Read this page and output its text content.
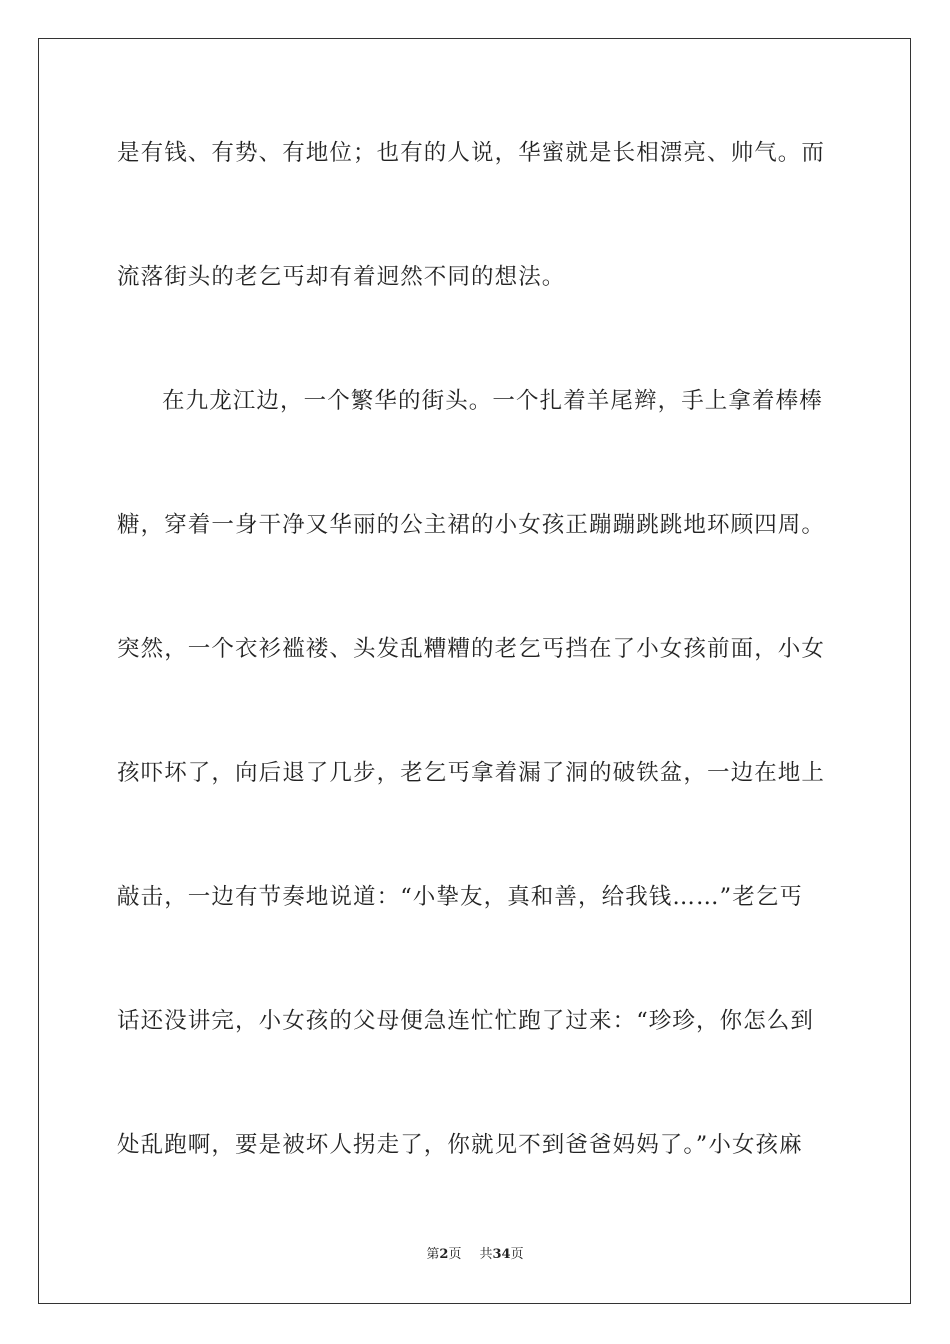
是有钱、有势、有地位；也有的人说，华蜜就是长相漂亮、帅气。而
流落街头的老乞丐却有着迥然不同的想法。
在九龙江边，一个繁华的街头。一个扎着羊尾辫，手上拿着棒棒
糖，穿着一身干净又华丽的公主裙的小女孩正蹦蹦跳跳地环顾四周。
突然，一个衣衫褴褛、头发乱糟糟的老乞丐挡在了小女孩前面，小女
孩吓坏了，向后退了几步，老乞丐拿着漏了洞的破铁盆，一边在地上
敲击，一边有节奏地说道：“小挚友，真和善，给我钱……”老乞丐
话还没讲完，小女孩的父母便急连忙忙跑了过来：“珍珍，你怎么到
处乱跑啊，要是被坏人拐走了，你就见不到爸爸妈妈了。”小女孩麻
第2页 共34页
